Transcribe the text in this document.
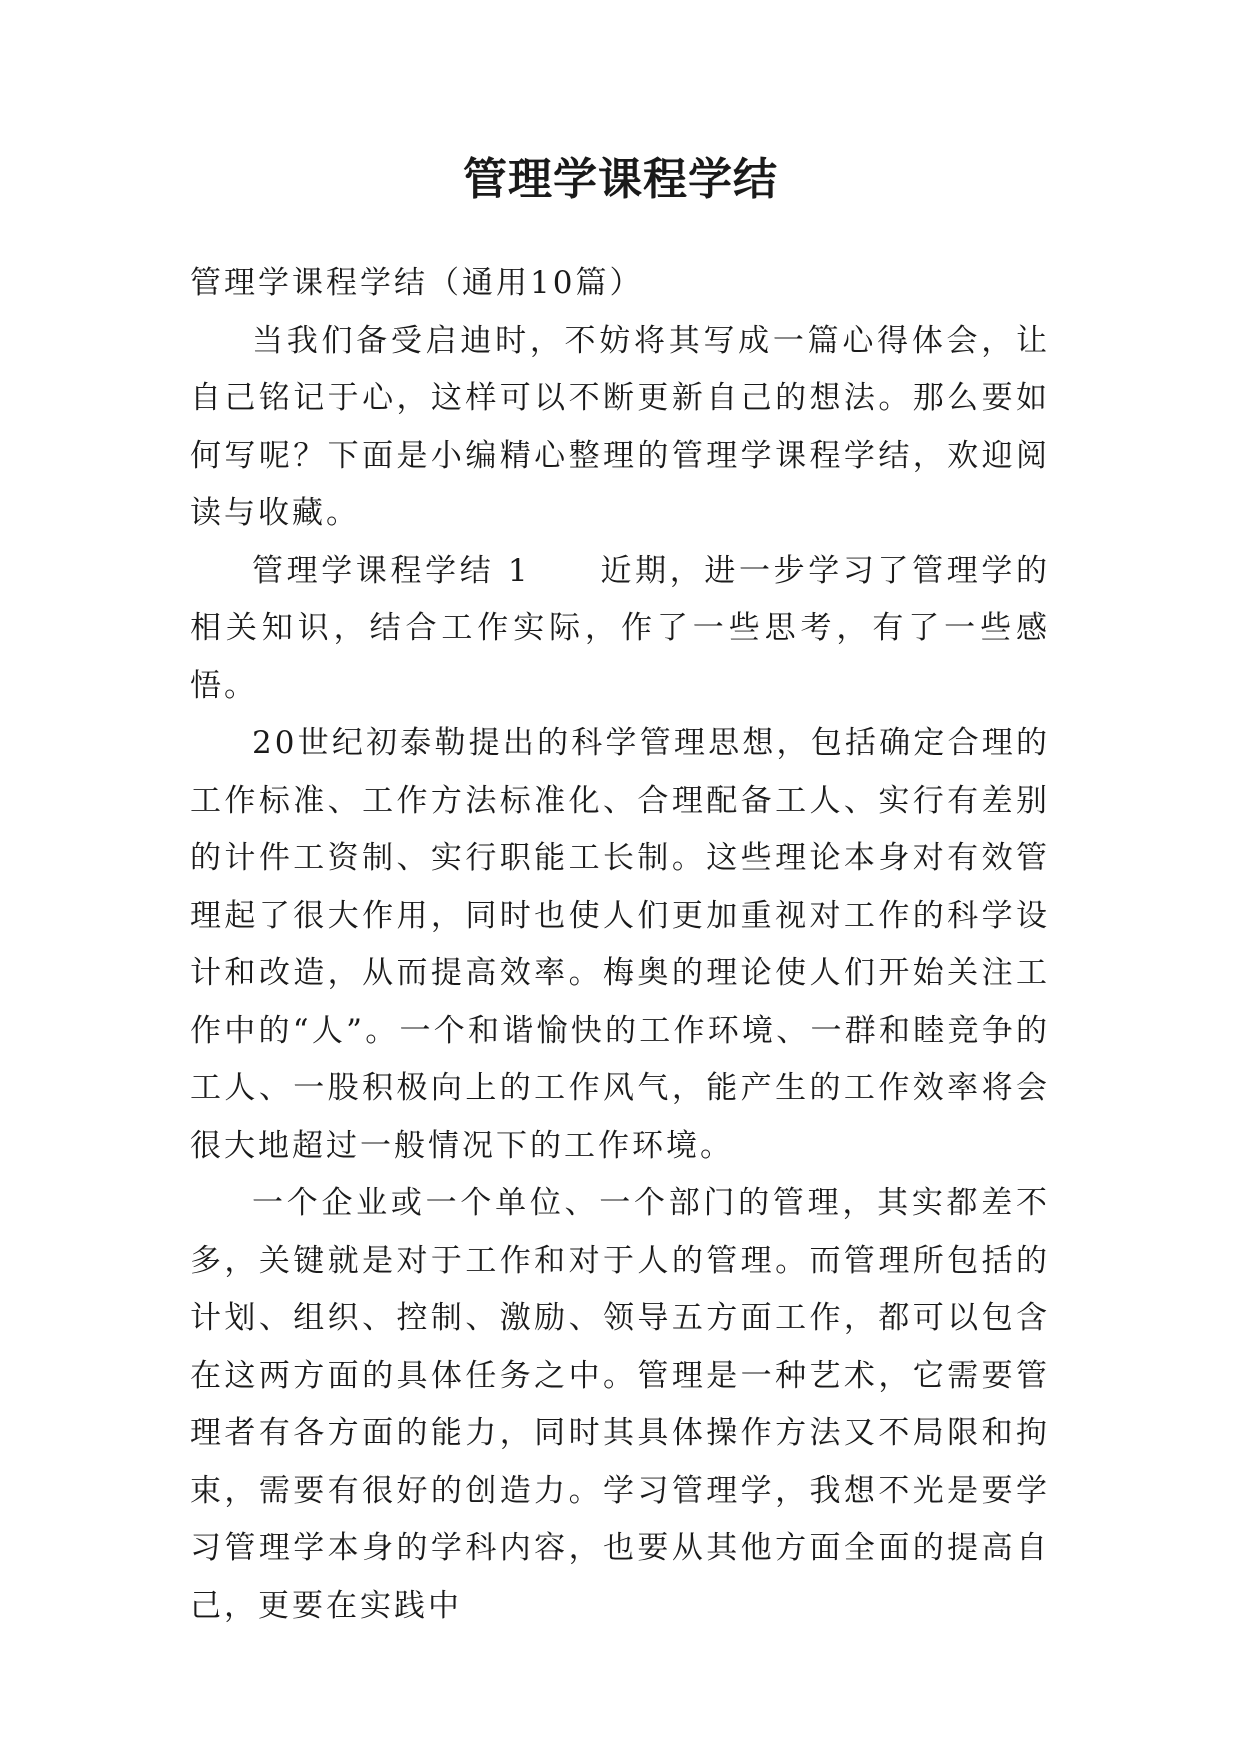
管理学课程学结

管理学课程学结（通用10篇）

当我们备受启迪时，不妨将其写成一篇心得体会，让自己铭记于心，这样可以不断更新自己的想法。那么要如何写呢？下面是小编精心整理的管理学课程学结，欢迎阅读与收藏。

管理学课程学结 1　　近期，进一步学习了管理学的相关知识，结合工作实际，作了一些思考，有了一些感悟。

20世纪初泰勒提出的科学管理思想，包括确定合理的工作标准、工作方法标准化、合理配备工人、实行有差别的计件工资制、实行职能工长制。这些理论本身对有效管理起了很大作用，同时也使人们更加重视对工作的科学设计和改造，从而提高效率。梅奥的理论使人们开始关注工作中的“人”。一个和谐愉快的工作环境、一群和睦竞争的工人、一股积极向上的工作风气，能产生的工作效率将会很大地超过一般情况下的工作环境。

一个企业或一个单位、一个部门的管理，其实都差不多，关键就是对于工作和对于人的管理。而管理所包括的计划、组织、控制、激励、领导五方面工作，都可以包含在这两方面的具体任务之中。管理是一种艺术，它需要管理者有各方面的能力，同时其具体操作方法又不局限和拘束，需要有很好的创造力。学习管理学，我想不光是要学习管理学本身的学科内容，也要从其他方面全面的提高自己，更要在实践中
